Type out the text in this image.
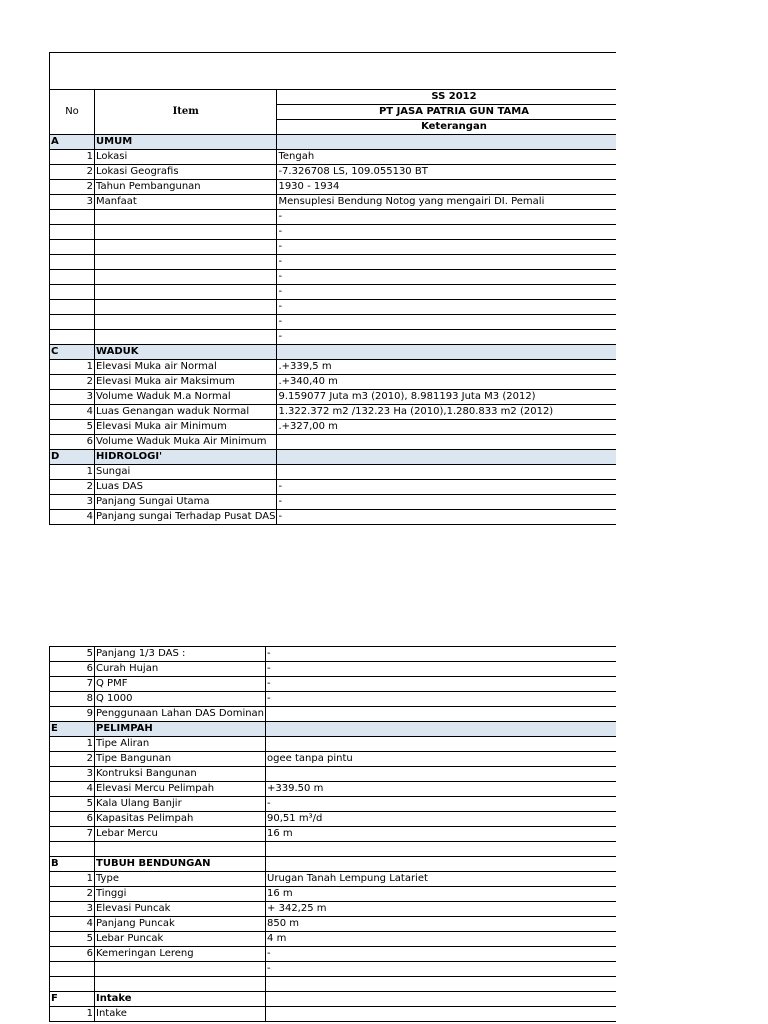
No	Item	SS 2012
		PT JASA PATRIA GUN TAMA
		Keterangan
A	UMUM	
1	Lokasi	Tengah
2	Lokasi Geografis	-7.326708 LS, 109.055130 BT
2	Tahun Pembangunan	1930 - 1934
3	Manfaat	Mensuplesi Bendung Notog yang mengairi DI. Pemali
		-
		-
		-
		-
		-
		-
		-
		-
		-
C	WADUK	
1	Elevasi Muka air Normal	.+339,5 m
2	Elevasi Muka air Maksimum	.+340,40 m
3	Volume Waduk M.a Normal	9.159077 Juta m3 (2010), 8.981193 Juta M3 (2012)
4	Luas Genangan waduk Normal	1.322.372 m2 /132.23 Ha (2010),1.280.833 m2 (2012)
5	Elevasi Muka air Minimum	.+327,00 m
6	Volume Waduk Muka Air Minimum	
D	HIDROLOGI'	
1	Sungai	
2	Luas DAS	-
3	Panjang Sungai Utama	-
4	Panjang sungai Terhadap Pusat DAS	-
5	Panjang 1/3 DAS :	-
6	Curah Hujan	-
7	Q PMF	-
8	Q 1000	-
9	Penggunaan Lahan DAS Dominan	
E	PELIMPAH	
1	Tipe Aliran	
2	Tipe Bangunan	ogee tanpa pintu
3	Kontruksi Bangunan	
4	Elevasi Mercu Pelimpah	+339.50 m
5	Kala Ulang Banjir	-
6	Kapasitas Pelimpah	90,51 m³/d
7	Lebar Mercu	16 m

B	TUBUH BENDUNGAN	
1	Type	Urugan Tanah Lempung Latariet
2	Tinggi	16 m
3	Elevasi Puncak	+ 342,25 m
4	Panjang Puncak	850 m
5	Lebar Puncak	4 m
6	Kemeringan Lereng	-
		-

F	Intake	
1	Intake	
